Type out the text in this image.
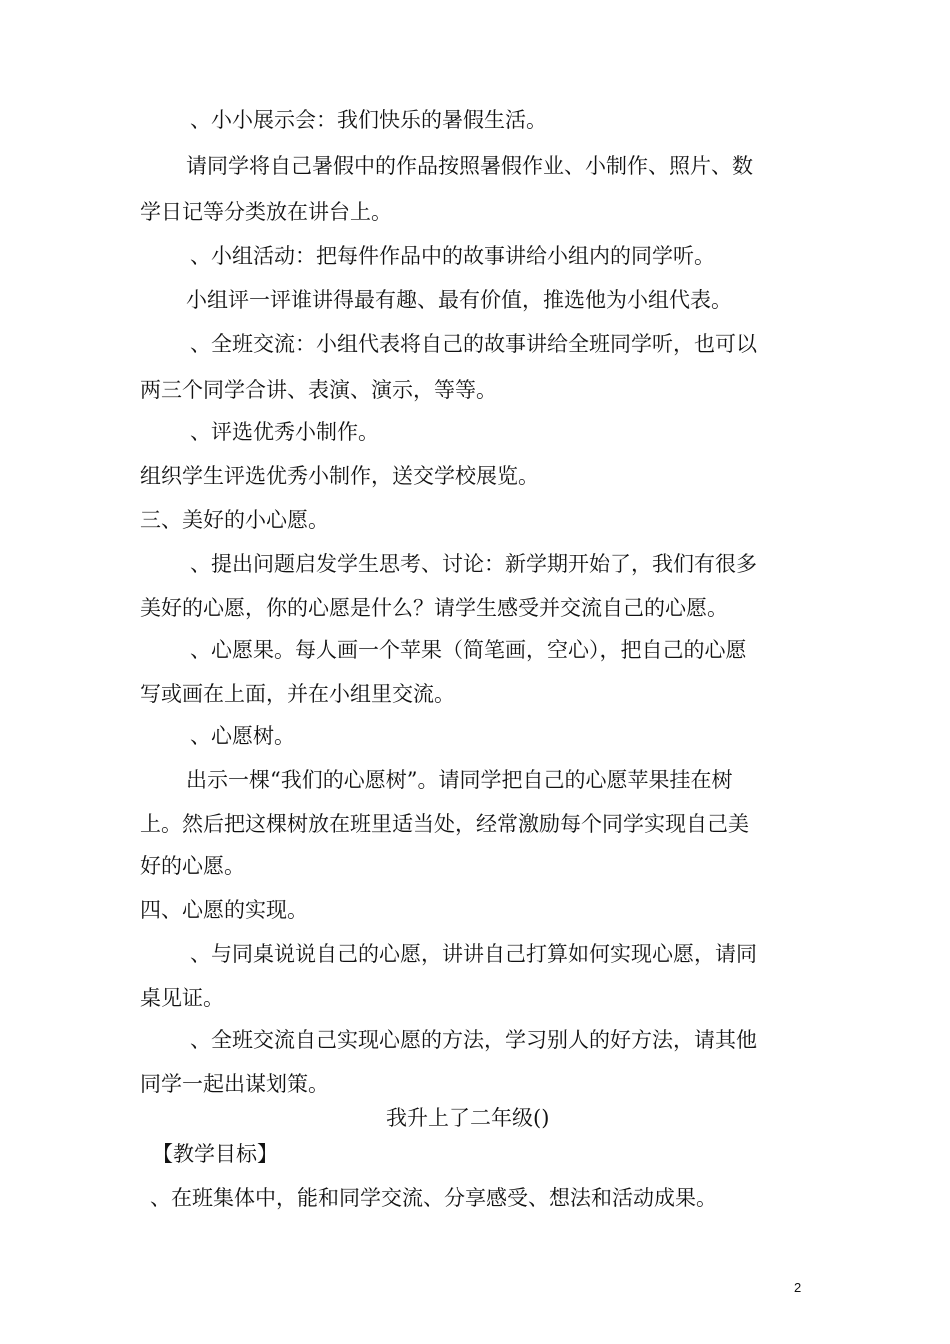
、小小展示会：我们快乐的暑假生活。
请同学将自己暑假中的作品按照暑假作业、小制作、照片、数
学日记等分类放在讲台上。
、小组活动：把每件作品中的故事讲给小组内的同学听。
小组评一评谁讲得最有趣、最有价值，推选他为小组代表。
、全班交流：小组代表将自己的故事讲给全班同学听，也可以
两三个同学合讲、表演、演示，等等。
、评选优秀小制作。
组织学生评选优秀小制作，送交学校展览。
三、美好的小心愿。
、提出问题启发学生思考、讨论：新学期开始了，我们有很多
美好的心愿，你的心愿是什么？请学生感受并交流自己的心愿。
、心愿果。每人画一个苹果（简笔画，空心），把自己的心愿
写或画在上面，并在小组里交流。
、心愿树。
出示一棵“我们的心愿树”。请同学把自己的心愿苹果挂在树
上。然后把这棵树放在班里适当处，经常激励每个同学实现自己美
好的心愿。
四、心愿的实现。
、与同桌说说自己的心愿，讲讲自己打算如何实现心愿，请同
桌见证。
、全班交流自己实现心愿的方法，学习别人的好方法，请其他
同学一起出谋划策。
我升上了二年级()
【教学目标】
、在班集体中，能和同学交流、分享感受、想法和活动成果。
2
